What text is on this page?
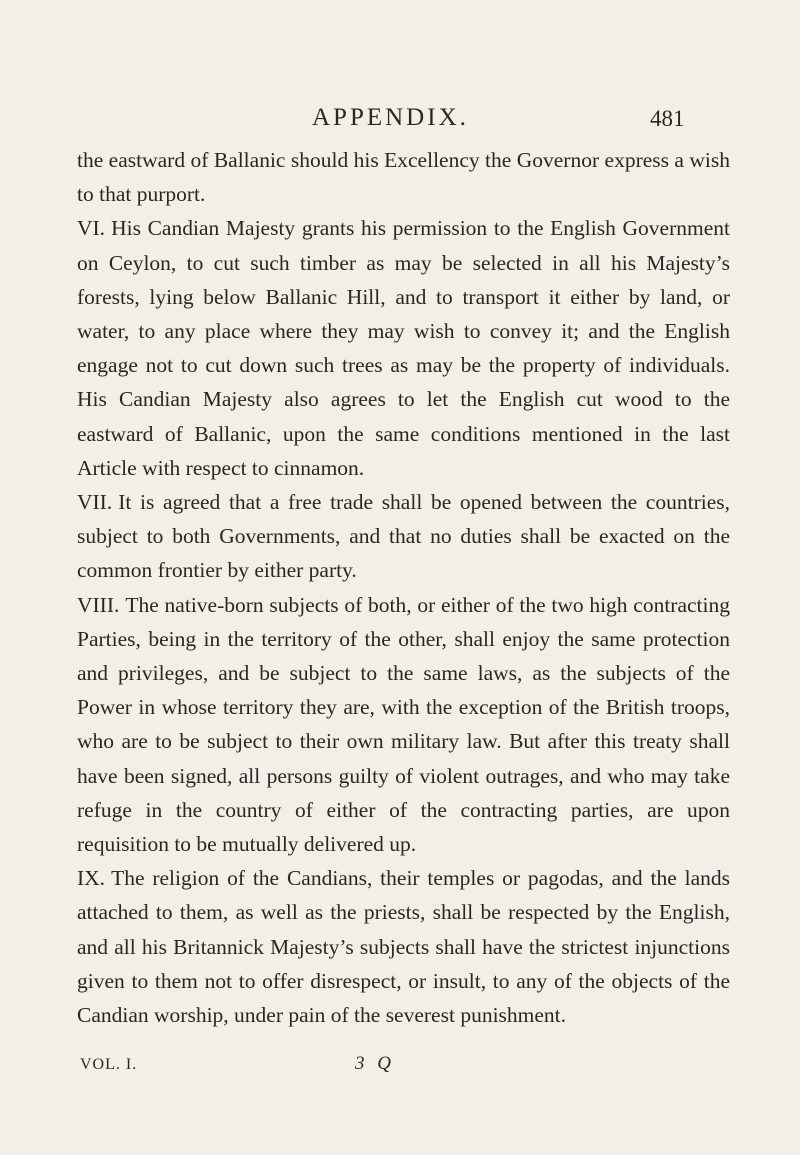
APPENDIX.	481

the eastward of Ballanic should his Excellency the Governor express a wish to that purport.

VI. His Candian Majesty grants his permission to the English Government on Ceylon, to cut such timber as may be selected in all his Majesty’s forests, lying below Ballanic Hill, and to transport it either by land, or water, to any place where they may wish to convey it; and the English engage not to cut down such trees as may be the property of individuals. His Candian Majesty also agrees to let the English cut wood to the eastward of Ballanic, upon the same conditions mentioned in the last Article with respect to cinnamon.

VII. It is agreed that a free trade shall be opened between the countries, subject to both Governments, and that no duties shall be exacted on the common frontier by either party.

VIII. The native-born subjects of both, or either of the two high contracting Parties, being in the territory of the other, shall enjoy the same protection and privileges, and be subject to the same laws, as the subjects of the Power in whose territory they are, with the exception of the British troops, who are to be subject to their own military law. But after this treaty shall have been signed, all persons guilty of violent outrages, and who may take refuge in the country of either of the contracting parties, are upon requisition to be mutually delivered up.

IX. The religion of the Candians, their temples or pagodas, and the lands attached to them, as well as the priests, shall be respected by the English, and all his Britannick Majesty’s subjects shall have the strictest injunctions given to them not to offer disrespect, or insult, to any of the objects of the Candian worship, under pain of the severest punishment.

VOL. I.	3 Q
